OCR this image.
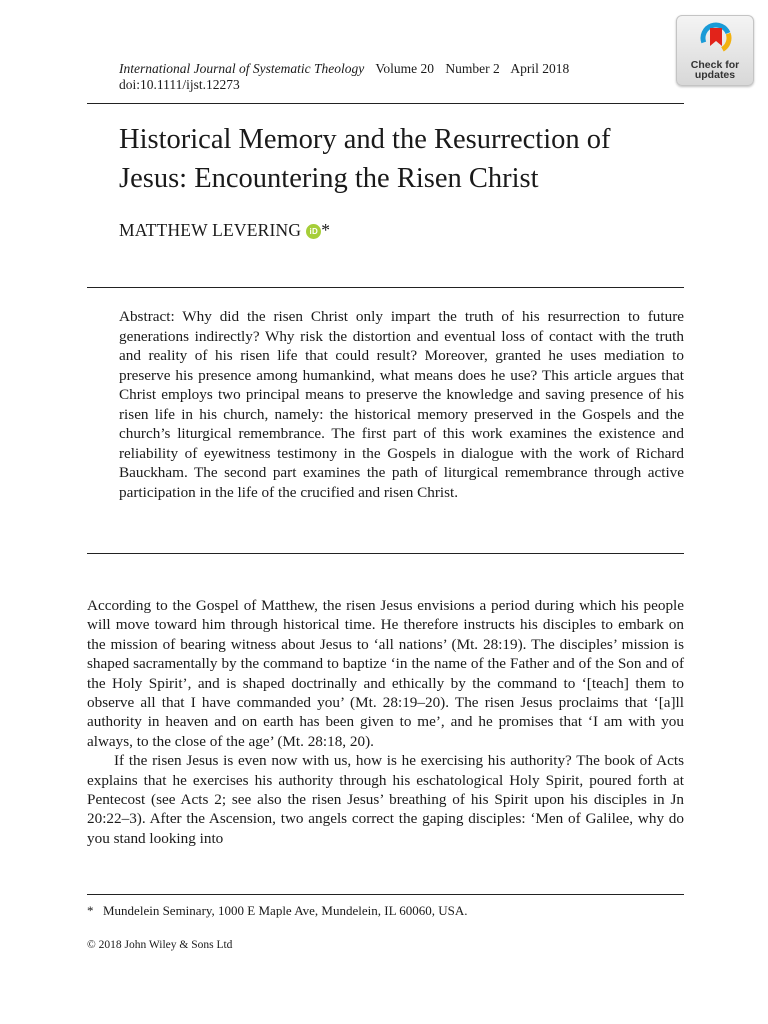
International Journal of Systematic Theology Volume 20 Number 2 April 2018
doi:10.1111/ijst.12273
Check for
updates
Historical Memory and the Resurrection of Jesus: Encountering the Risen Christ
MATTHEW LEVERING iD *

Abstract: Why did the risen Christ only impart the truth of his resurrection to future generations indirectly? Why risk the distortion and eventual loss of contact with the truth and reality of his risen life that could result? Moreover, granted he uses mediation to preserve his presence among humankind, what means does he use? This article argues that Christ employs two principal means to preserve the knowledge and saving presence of his risen life in his church, namely: the historical memory preserved in the Gospels and the church’s liturgical remembrance. The first part of this work examines the existence and reliability of eyewitness testimony in the Gospels in dialogue with the work of Richard Bauckham. The second part examines the path of liturgical remembrance through active participation in the life of the crucified and risen Christ.

According to the Gospel of Matthew, the risen Jesus envisions a period during which his people will move toward him through historical time. He therefore instructs his disciples to embark on the mission of bearing witness about Jesus to ‘all nations’ (Mt. 28:19). The disciples’ mission is shaped sacramentally by the command to baptize ‘in the name of the Father and of the Son and of the Holy Spirit’, and is shaped doctrinally and ethically by the command to ‘[teach] them to observe all that I have commanded you’ (Mt. 28:19–20). The risen Jesus proclaims that ‘[a]ll authority in heaven and on earth has been given to me’, and he promises that ‘I am with you always, to the close of the age’ (Mt. 28:18, 20).

If the risen Jesus is even now with us, how is he exercising his authority? The book of Acts explains that he exercises his authority through his eschatological Holy Spirit, poured forth at Pentecost (see Acts 2; see also the risen Jesus’ breathing of his Spirit upon his disciples in Jn 20:22–3). After the Ascension, two angels correct the gaping disciples: ‘Men of Galilee, why do you stand looking into

* Mundelein Seminary, 1000 E Maple Ave, Mundelein, IL 60060, USA.
© 2018 John Wiley & Sons Ltd
